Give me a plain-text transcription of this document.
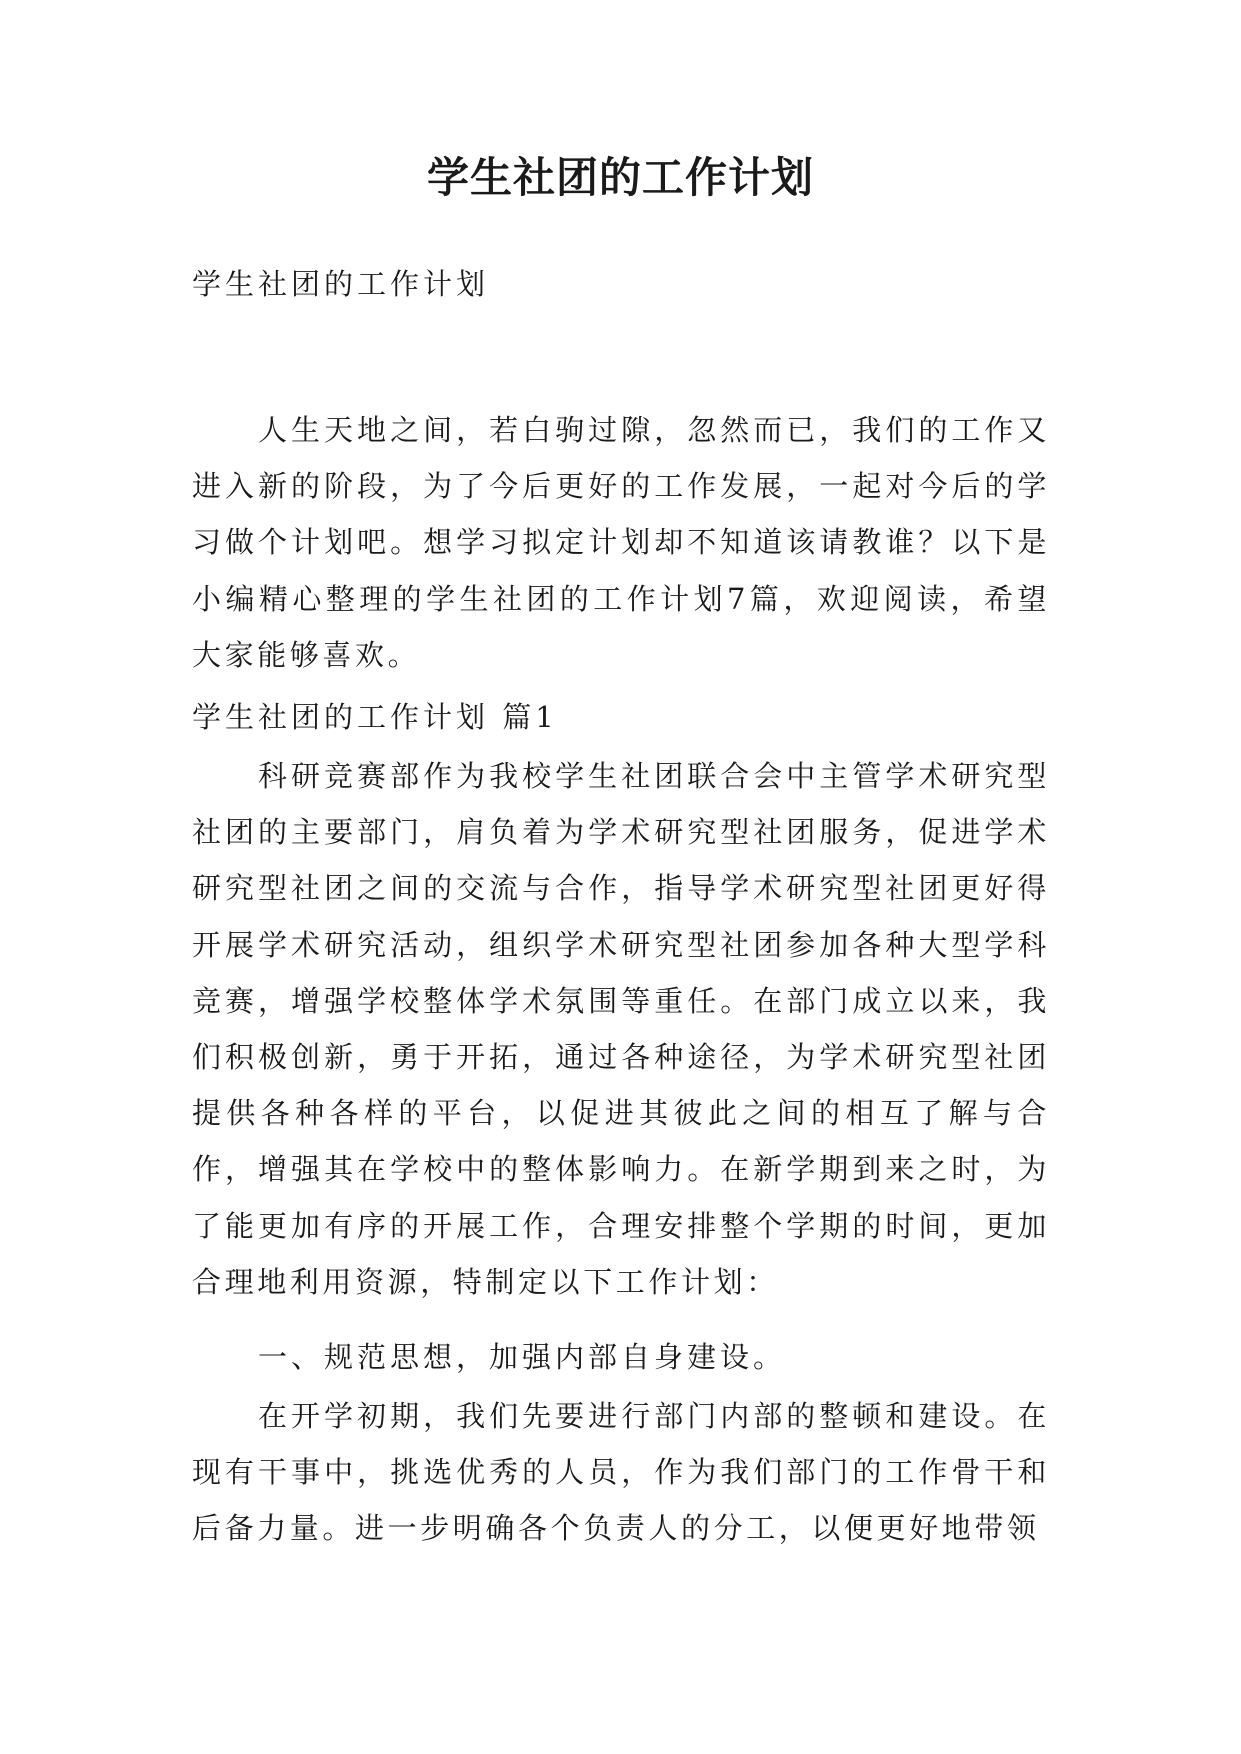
学生社团的工作计划
学生社团的工作计划
人生天地之间，若白驹过隙，忽然而已，我们的工作又进入新的阶段，为了今后更好的工作发展，一起对今后的学习做个计划吧。想学习拟定计划却不知道该请教谁？以下是小编精心整理的学生社团的工作计划7篇，欢迎阅读，希望大家能够喜欢。
学生社团的工作计划 篇1
科研竞赛部作为我校学生社团联合会中主管学术研究型社团的主要部门，肩负着为学术研究型社团服务，促进学术研究型社团之间的交流与合作，指导学术研究型社团更好得开展学术研究活动，组织学术研究型社团参加各种大型学科竞赛，增强学校整体学术氛围等重任。在部门成立以来，我们积极创新，勇于开拓，通过各种途径，为学术研究型社团提供各种各样的平台，以促进其彼此之间的相互了解与合作，增强其在学校中的整体影响力。在新学期到来之时，为了能更加有序的开展工作，合理安排整个学期的时间，更加合理地利用资源，特制定以下工作计划：
一、规范思想，加强内部自身建设。
在开学初期，我们先要进行部门内部的整顿和建设。在现有干事中，挑选优秀的人员，作为我们部门的工作骨干和后备力量。进一步明确各个负责人的分工，以便更好地带领
